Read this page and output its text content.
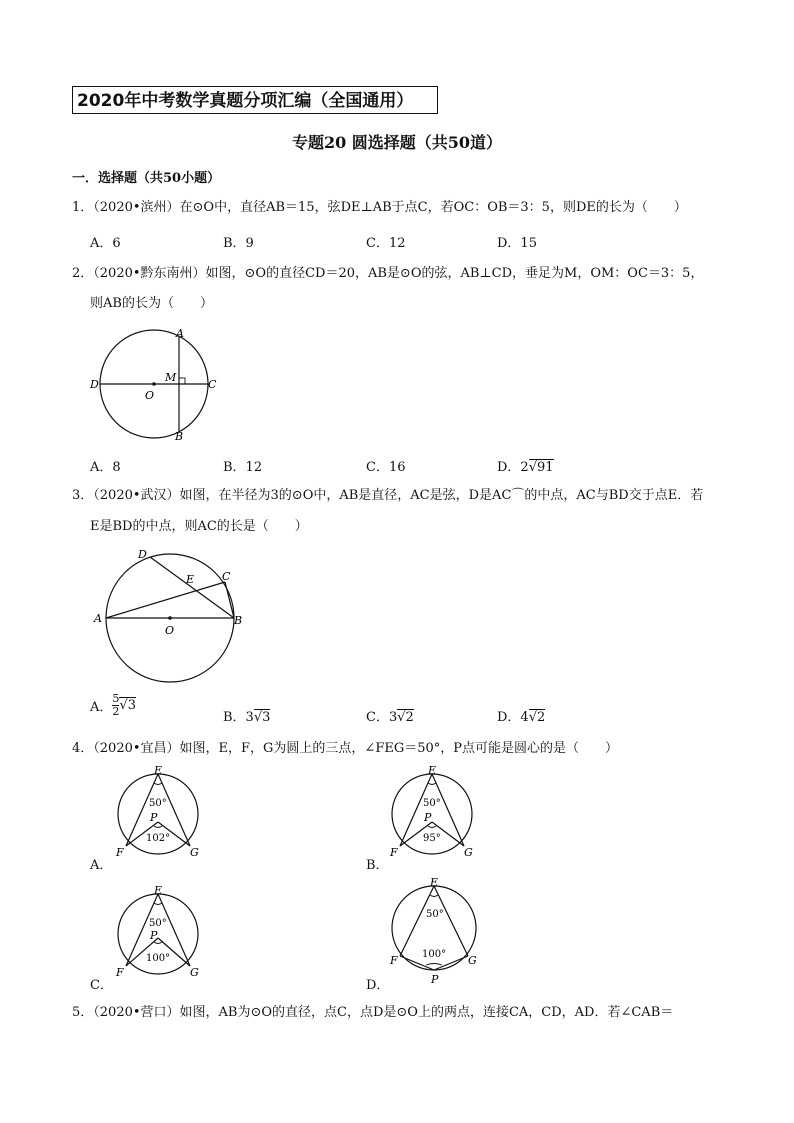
2020年中考数学真题分项汇编（全国通用）
专题20 圆选择题（共50道）
一．选择题（共50小题）
1．（2020•滨州）在⊙O中，直径AB＝15，弦DE⊥AB于点C，若OC：OB＝3：5，则DE的长为（　　）
A．6	B．9	C．12	D．15
2．（2020•黔东南州）如图，⊙O的直径CD＝20，AB是⊙O的弦，AB⊥CD，垂足为M，OM：OC＝3：5，
则AB的长为（　　）
A
B
C
D
M
O
A．8	B．12	C．16	D．2√91
3．（2020•武汉）如图，在半径为3的⊙O中，AB是直径，AC是弦，D是AC⌒的中点，AC与BD交于点E．若
E是BD的中点，则AC的长是（　　）
A	B
C
D
E
O
A． $\frac{5}{2} √3$
B．3√3	C．3√2	D．4√2
4．（2020•宜昌）如图，E，F，G为圆上的三点，∠FEG＝50°，P点可能是圆心的是（　　）
A．
E
F	G
P
50°
102°
B．
E
F	G
P
50°
95°
C．
E
F	G
P
50°
100°
D．
E
F	G
P
50°
100°
5．（2020•营口）如图，AB为⊙O的直径，点C，点D是⊙O上的两点，连接CA，CD，AD．若∠CAB＝
